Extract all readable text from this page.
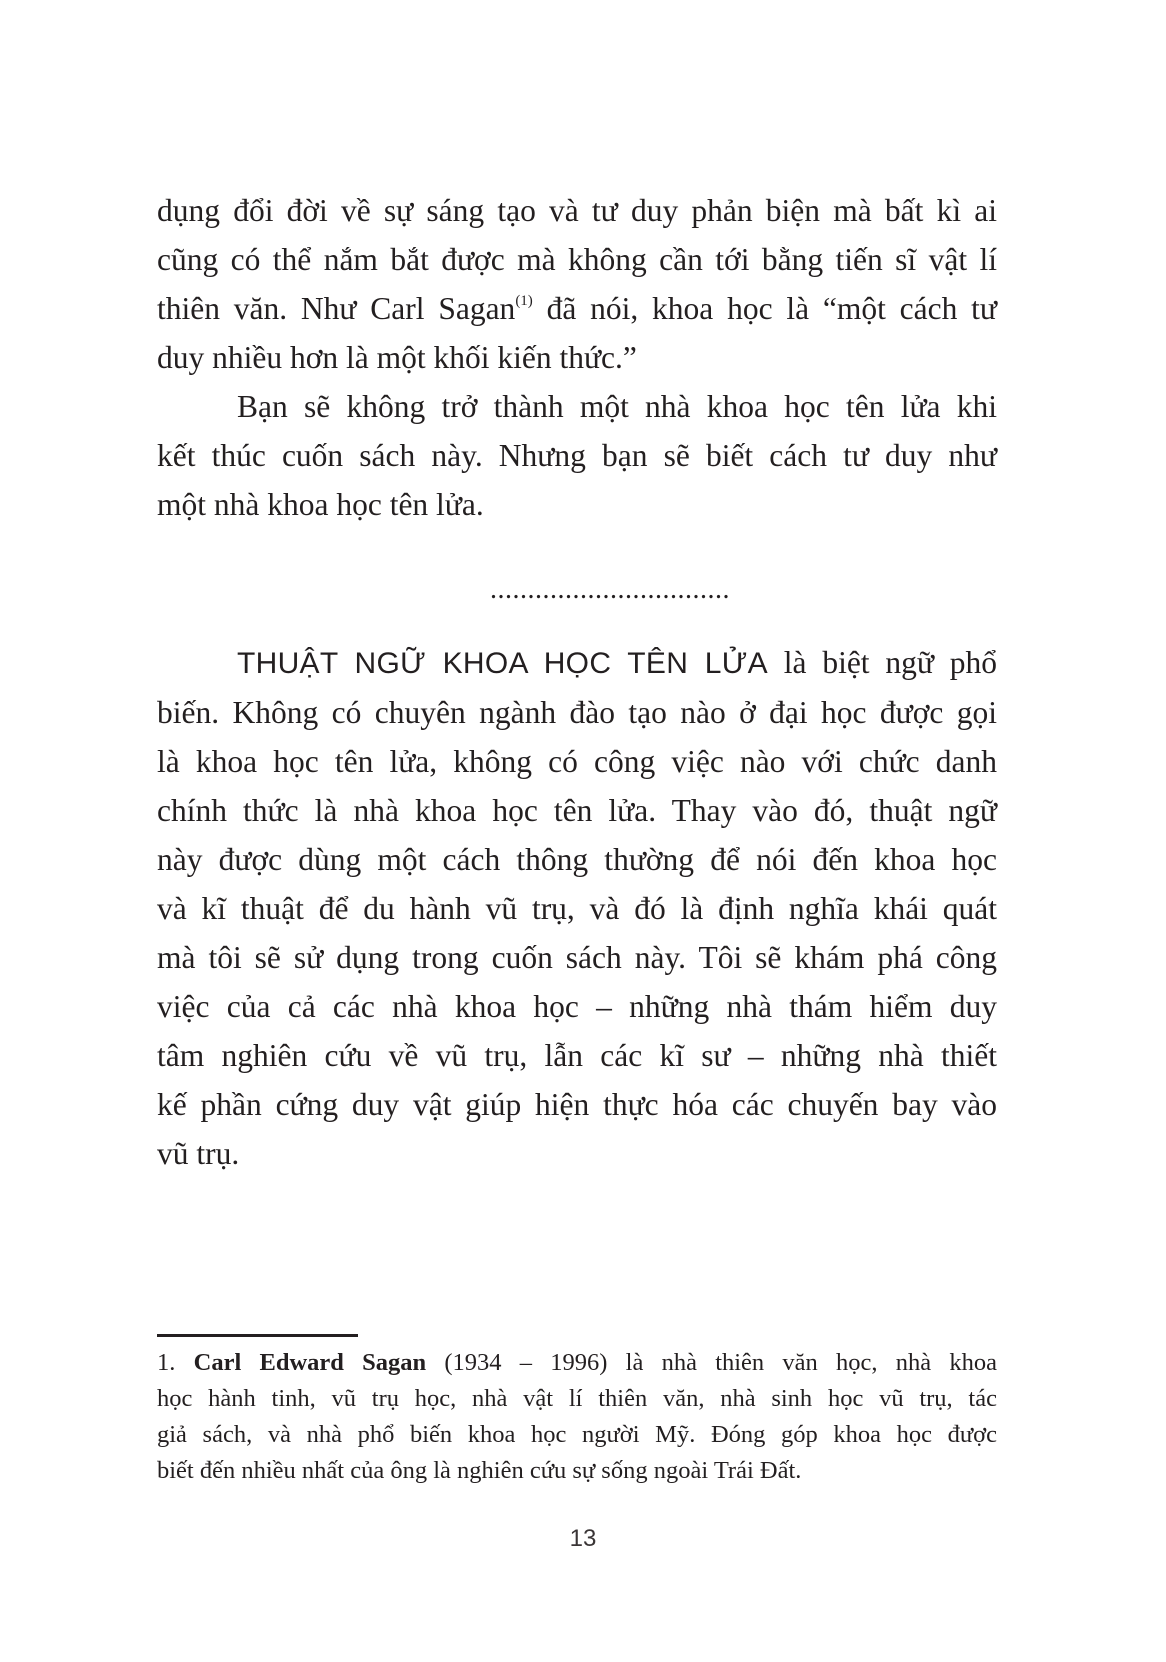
dụng đổi đời về sự sáng tạo và tư duy phản biện mà bất kì ai
cũng có thể nắm bắt được mà không cần tới bằng tiến sĩ vật lí
thiên văn. Như Carl Sagan$^{(1)}$ đã nói, khoa học là “một cách tư
duy nhiều hơn là một khối kiến thức.”
Bạn sẽ không trở thành một nhà khoa học tên lửa khi
kết thúc cuốn sách này. Nhưng bạn sẽ biết cách tư duy như
một nhà khoa học tên lửa.
................................
THUẬT NGỮ KHOA HỌC TÊN LỬA là biệt ngữ phổ
biến. Không có chuyên ngành đào tạo nào ở đại học được gọi
là khoa học tên lửa, không có công việc nào với chức danh
chính thức là nhà khoa học tên lửa. Thay vào đó, thuật ngữ
này được dùng một cách thông thường để nói đến khoa học
và kĩ thuật để du hành vũ trụ, và đó là định nghĩa khái quát
mà tôi sẽ sử dụng trong cuốn sách này. Tôi sẽ khám phá công
việc của cả các nhà khoa học – những nhà thám hiểm duy
tâm nghiên cứu về vũ trụ, lẫn các kĩ sư – những nhà thiết
kế phần cứng duy vật giúp hiện thực hóa các chuyến bay vào
vũ trụ.
1. Carl Edward Sagan (1934 – 1996) là nhà thiên văn học, nhà khoa
học hành tinh, vũ trụ học, nhà vật lí thiên văn, nhà sinh học vũ trụ, tác
giả sách, và nhà phổ biến khoa học người Mỹ. Đóng góp khoa học được
biết đến nhiều nhất của ông là nghiên cứu sự sống ngoài Trái Đất.
13
